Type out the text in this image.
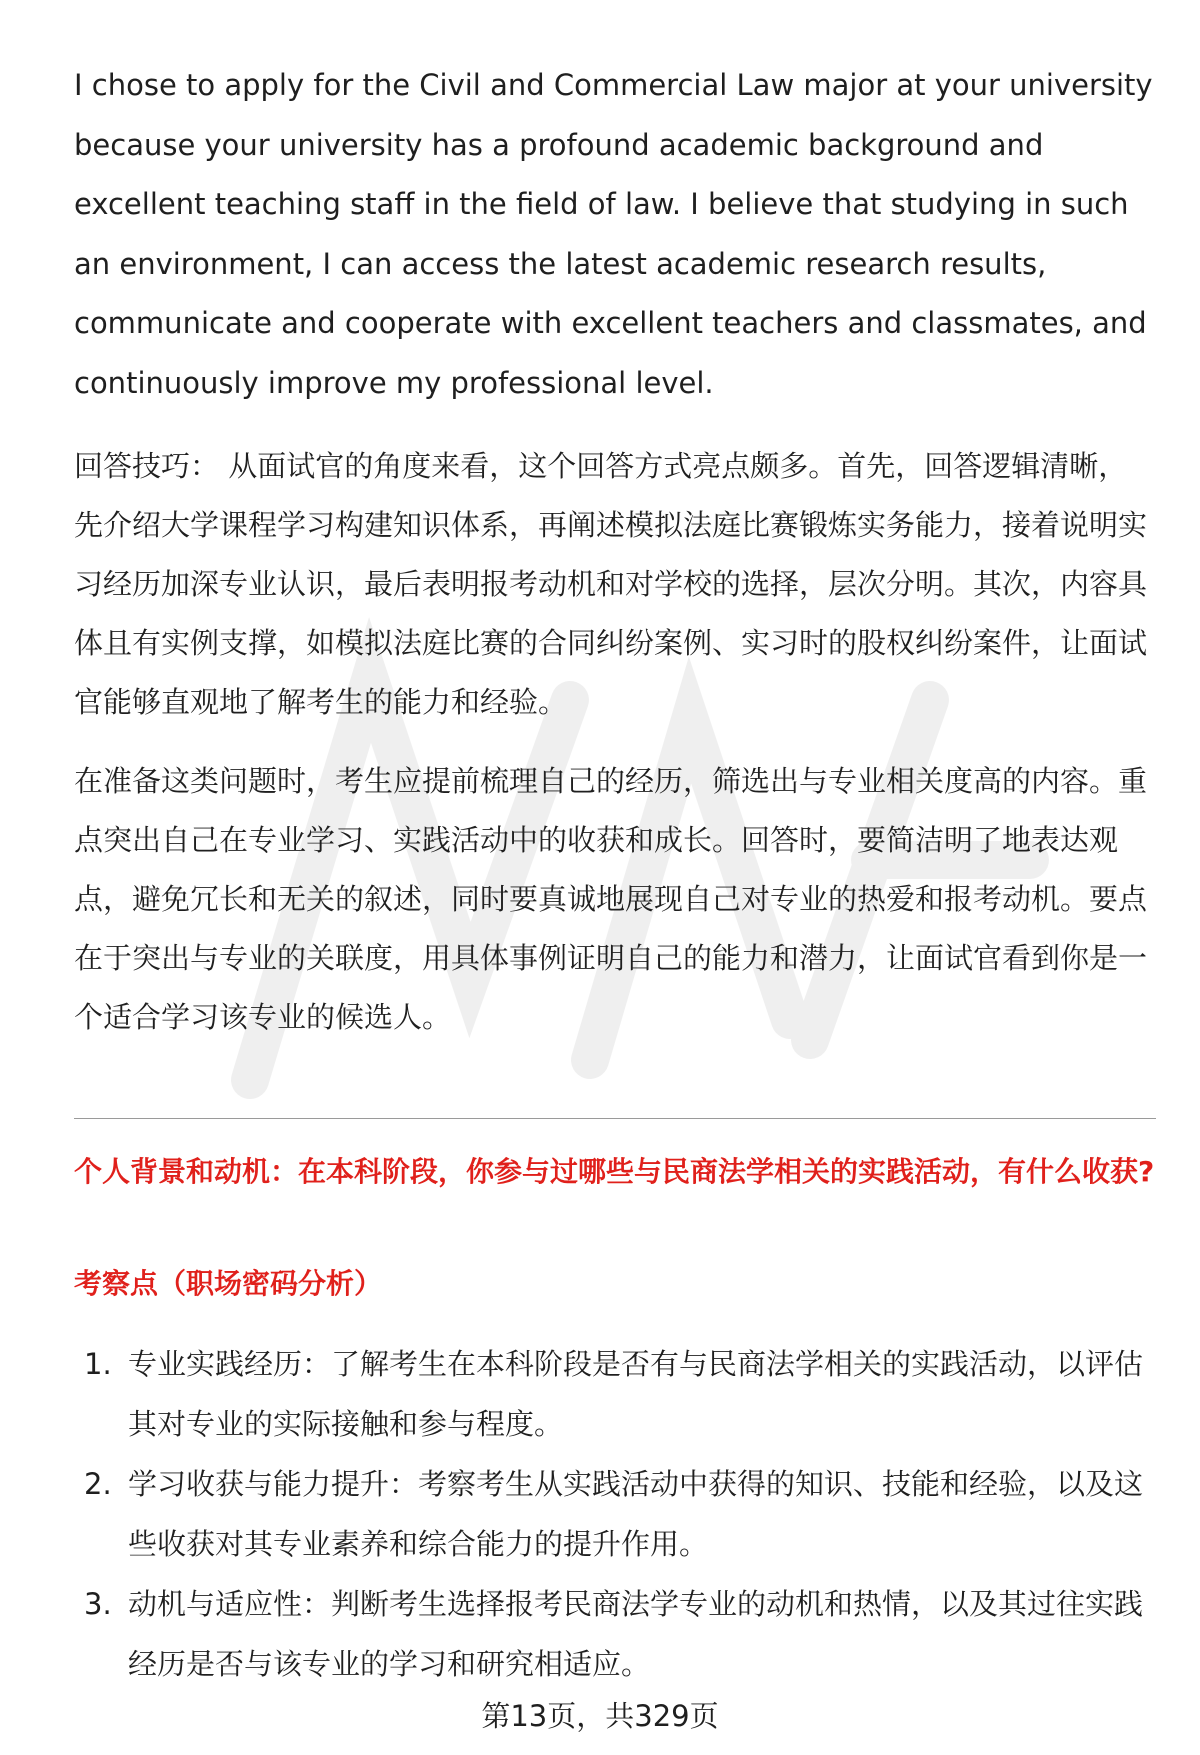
I chose to apply for the Civil and Commercial Law major at your university because your university has a profound academic background and excellent teaching staff in the field of law. I believe that studying in such an environment, I can access the latest academic research results, communicate and cooperate with excellent teachers and classmates, and continuously improve my professional level.

回答技巧： 从面试官的角度来看，这个回答方式亮点颇多。首先，回答逻辑清晰，先介绍大学课程学习构建知识体系，再阐述模拟法庭比赛锻炼实务能力，接着说明实习经历加深专业认识，最后表明报考动机和对学校的选择，层次分明。其次，内容具体且有实例支撑，如模拟法庭比赛的合同纠纷案例、实习时的股权纠纷案件，让面试官能够直观地了解考生的能力和经验。

在准备这类问题时，考生应提前梳理自己的经历，筛选出与专业相关度高的内容。重点突出自己在专业学习、实践活动中的收获和成长。回答时，要简洁明了地表达观点，避免冗长和无关的叙述，同时要真诚地展现自己对专业的热爱和报考动机。要点在于突出与专业的关联度，用具体事例证明自己的能力和潜力，让面试官看到你是一个适合学习该专业的候选人。

个人背景和动机：在本科阶段，你参与过哪些与民商法学相关的实践活动，有什么收获?
考察点（职场密码分析）
1. 专业实践经历：了解考生在本科阶段是否有与民商法学相关的实践活动，以评估其对专业的实际接触和参与程度。
2. 学习收获与能力提升：考察考生从实践活动中获得的知识、技能和经验，以及这些收获对其专业素养和综合能力的提升作用。
3. 动机与适应性：判断考生选择报考民商法学专业的动机和热情，以及其过往实践经历是否与该专业的学习和研究相适应。
第13页，共329页
